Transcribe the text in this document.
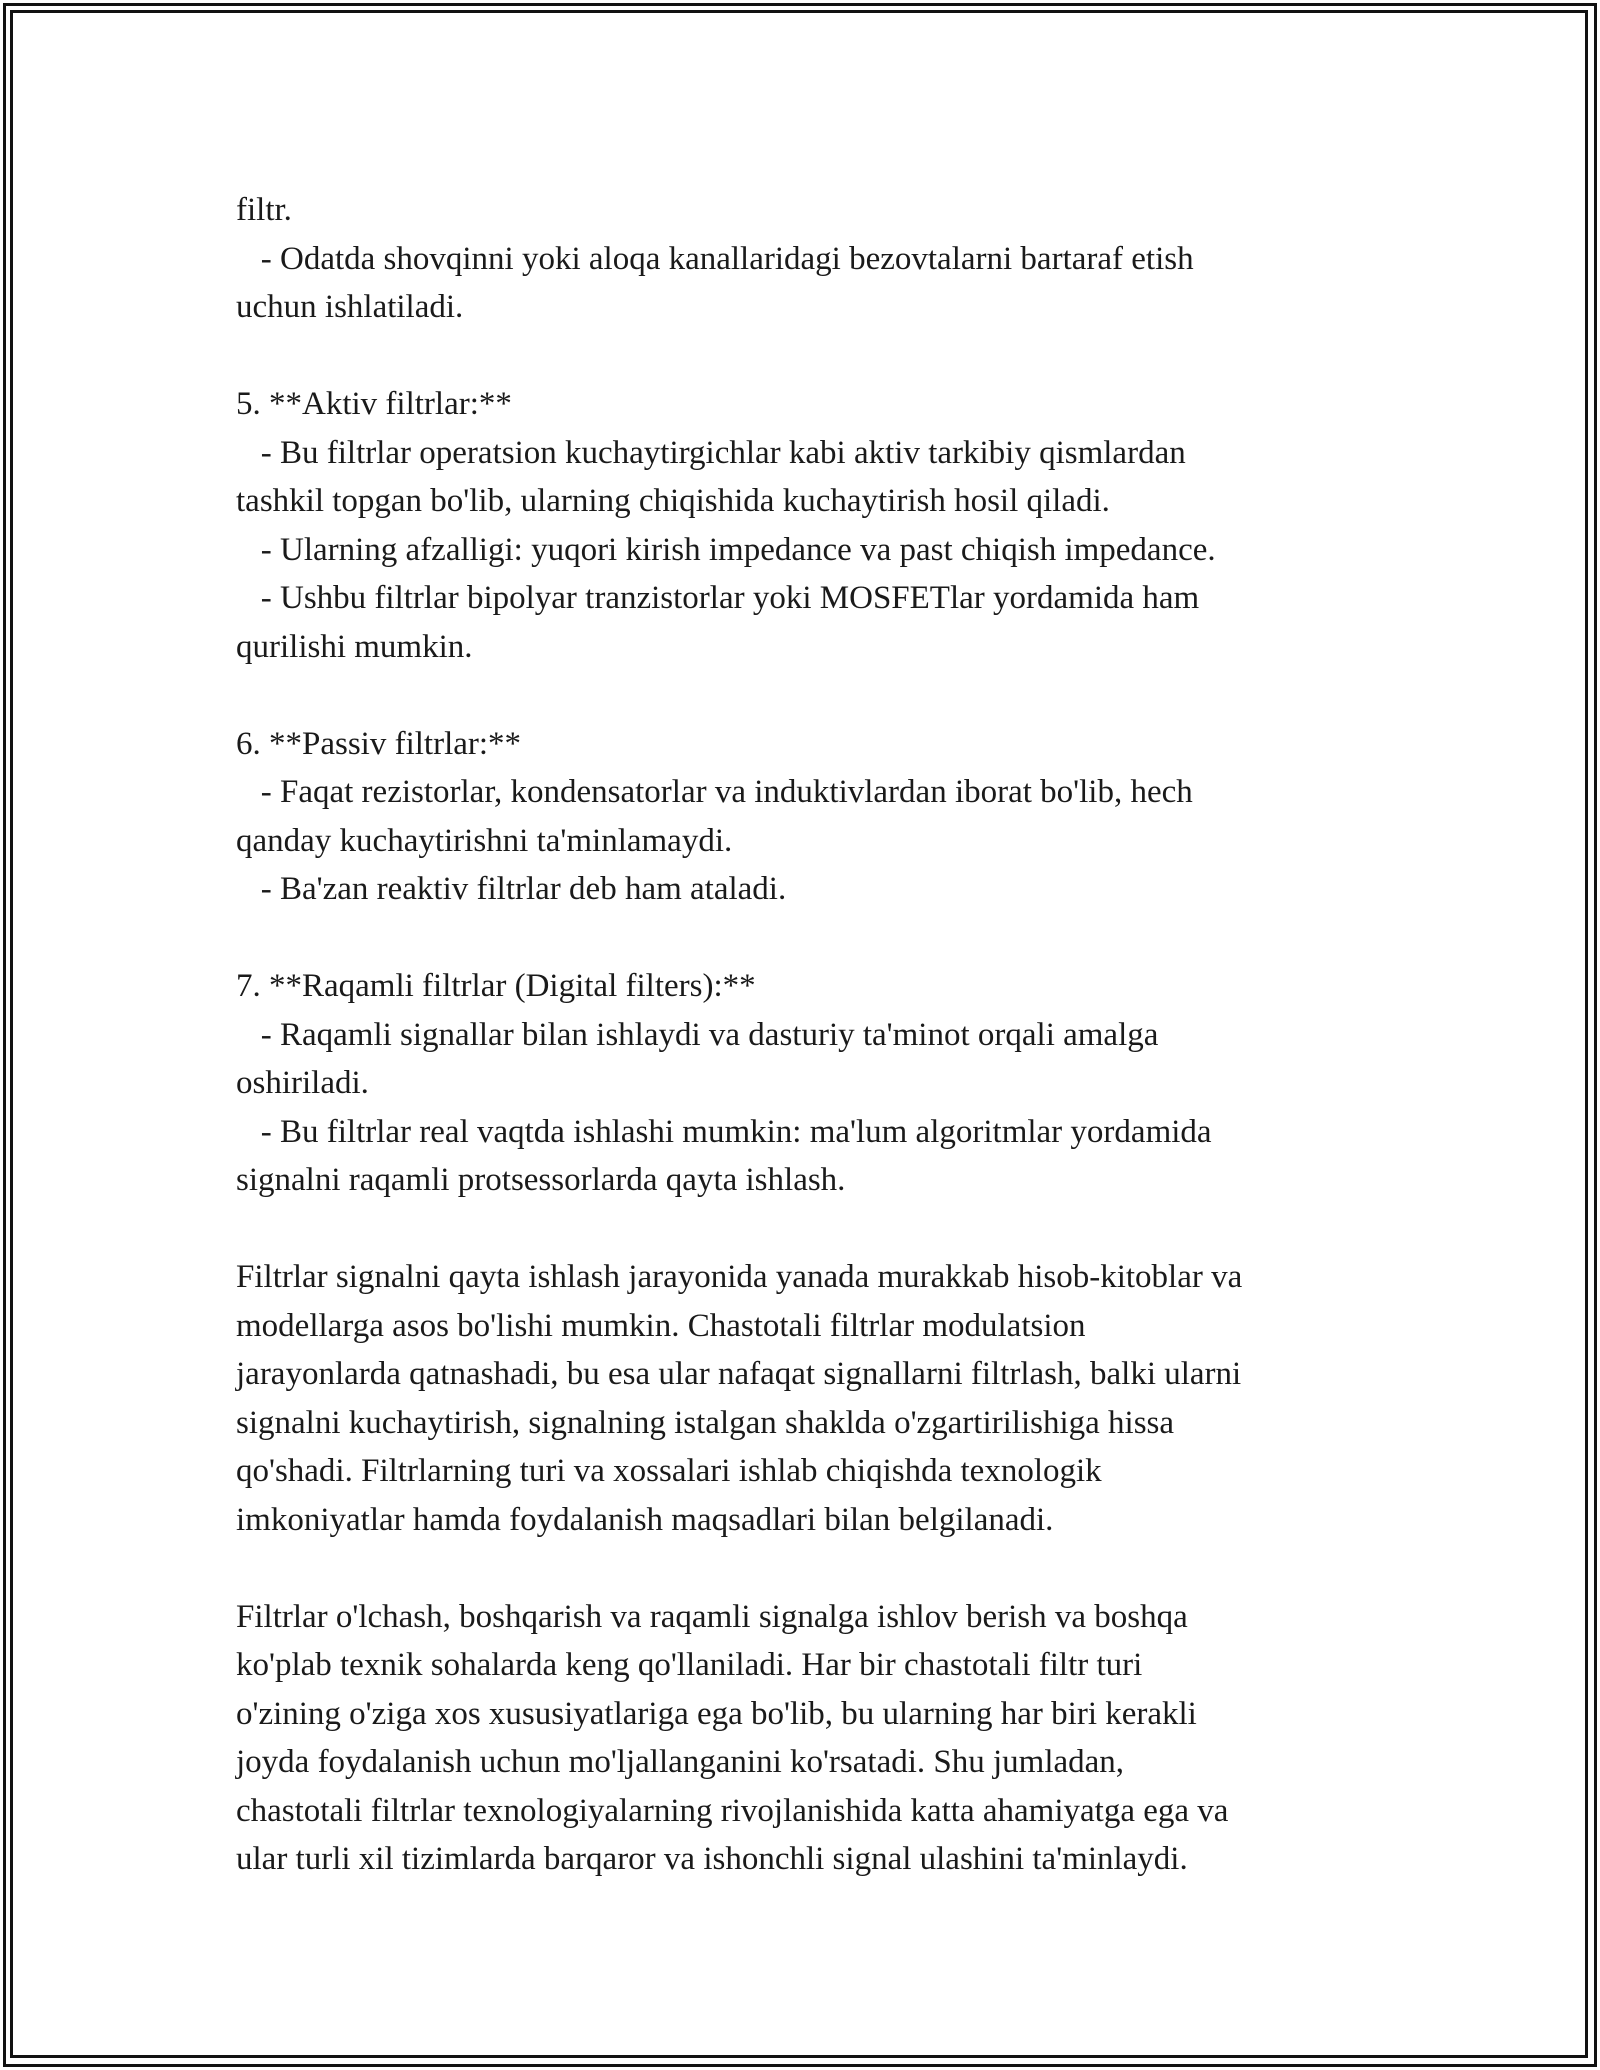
filtr.
- Odatda shovqinni yoki aloqa kanallaridagi bezovtalarni bartaraf etish
uchun ishlatiladi.
5. **Aktiv filtrlar:**
- Bu filtrlar operatsion kuchaytirgichlar kabi aktiv tarkibiy qismlardan
tashkil topgan bo'lib, ularning chiqishida kuchaytirish hosil qiladi.
- Ularning afzalligi: yuqori kirish impedance va past chiqish impedance.
- Ushbu filtrlar bipolyar tranzistorlar yoki MOSFETlar yordamida ham
qurilishi mumkin.
6. **Passiv filtrlar:**
- Faqat rezistorlar, kondensatorlar va induktivlardan iborat bo'lib, hech
qanday kuchaytirishni ta'minlamaydi.
- Ba'zan reaktiv filtrlar deb ham ataladi.
7. **Raqamli filtrlar (Digital filters):**
- Raqamli signallar bilan ishlaydi va dasturiy ta'minot orqali amalga
oshiriladi.
- Bu filtrlar real vaqtda ishlashi mumkin: ma'lum algoritmlar yordamida
signalni raqamli protsessorlarda qayta ishlash.
Filtrlar signalni qayta ishlash jarayonida yanada murakkab hisob-kitoblar va
modellarga asos bo'lishi mumkin. Chastotali filtrlar modulatsion
jarayonlarda qatnashadi, bu esa ular nafaqat signallarni filtrlash, balki ularni
signalni kuchaytirish, signalning istalgan shaklda o'zgartirilishiga hissa
qo'shadi. Filtrlarning turi va xossalari ishlab chiqishda texnologik
imkoniyatlar hamda foydalanish maqsadlari bilan belgilanadi.
Filtrlar o'lchash, boshqarish va raqamli signalga ishlov berish va boshqa
ko'plab texnik sohalarda keng qo'llaniladi. Har bir chastotali filtr turi
o'zining o'ziga xos xususiyatlariga ega bo'lib, bu ularning har biri kerakli
joyda foydalanish uchun mo'ljallanganini ko'rsatadi. Shu jumladan,
chastotali filtrlar texnologiyalarning rivojlanishida katta ahamiyatga ega va
ular turli xil tizimlarda barqaror va ishonchli signal ulashini ta'minlaydi.
